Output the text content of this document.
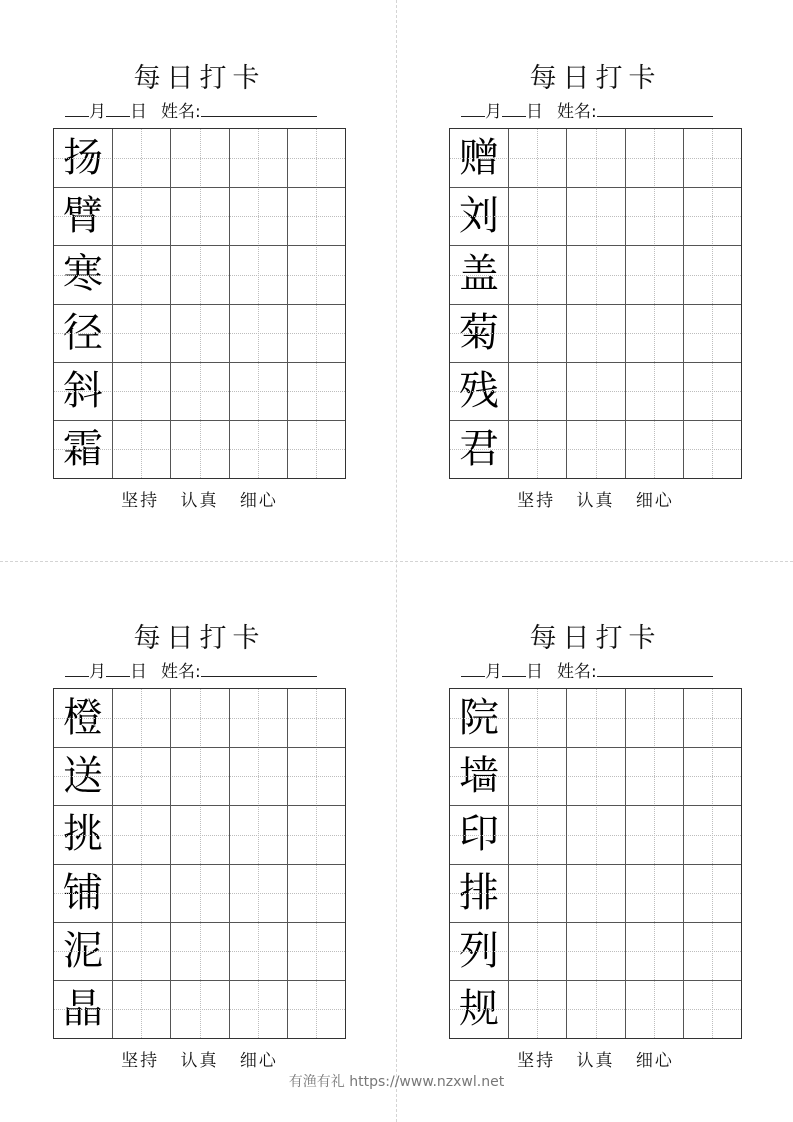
每日打卡
月 日 姓名:
扬
臂
寒
径
斜
霜
坚持 认真 细心
每日打卡
月 日 姓名:
赠
刘
盖
菊
残
君
坚持 认真 细心
每日打卡
月 日 姓名:
橙
送
挑
铺
泥
晶
坚持 认真 细心
每日打卡
月 日 姓名:
院
墙
印
排
列
规
坚持 认真 细心
有渔有礼 https://www.nzxwl.net
